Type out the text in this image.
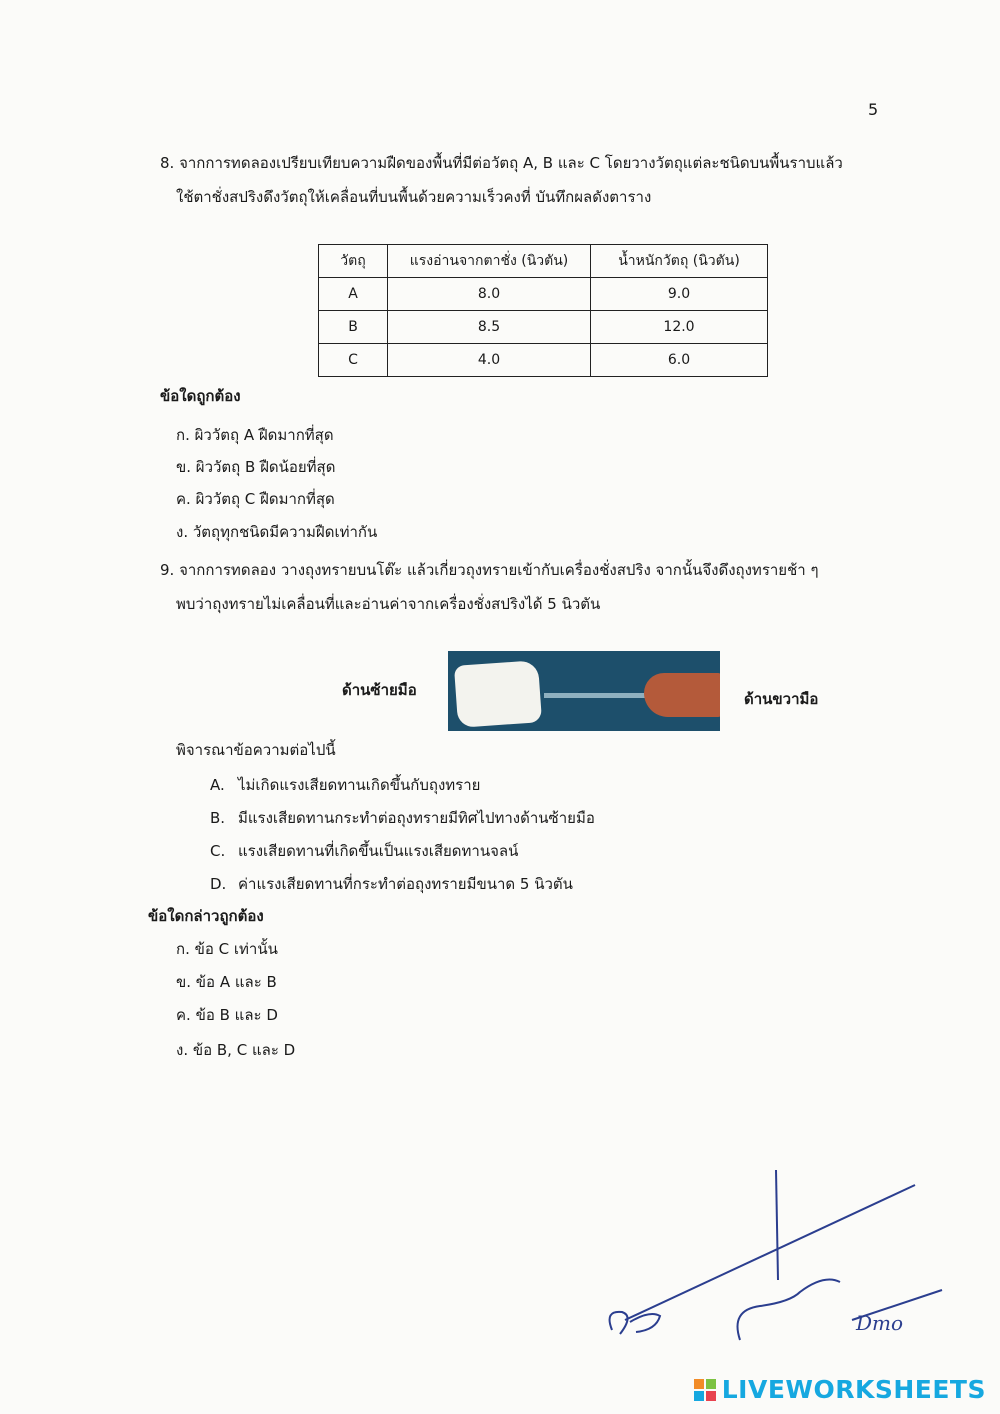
5
8. จากการทดลองเปรียบเทียบความฝืดของพื้นที่มีต่อวัตถุ A, B และ C โดยวางวัตถุแต่ละชนิดบนพื้นราบแล้ว
ใช้ตาชั่งสปริงดึงวัตถุให้เคลื่อนที่บนพื้นด้วยความเร็วคงที่ บันทึกผลดังตาราง
วัตถุ	แรงอ่านจากตาชั่ง (นิวตัน)	น้ำหนักวัตถุ (นิวตัน)
A	8.0	9.0
B	8.5	12.0
C	4.0	6.0
ข้อใดถูกต้อง
ก. ผิววัตถุ A ฝืดมากที่สุด
ข. ผิววัตถุ B ฝืดน้อยที่สุด
ค. ผิววัตถุ C ฝืดมากที่สุด
ง. วัตถุทุกชนิดมีความฝืดเท่ากัน
9. จากการทดลอง วางถุงทรายบนโต๊ะ แล้วเกี่ยวถุงทรายเข้ากับเครื่องชั่งสปริง จากนั้นจึงดึงถุงทรายช้า ๆ
พบว่าถุงทรายไม่เคลื่อนที่และอ่านค่าจากเครื่องชั่งสปริงได้ 5 นิวตัน
ด้านซ้ายมือ	ด้านขวามือ
พิจารณาข้อความต่อไปนี้
A. ไม่เกิดแรงเสียดทานเกิดขึ้นกับถุงทราย
B. มีแรงเสียดทานกระทำต่อถุงทรายมีทิศไปทางด้านซ้ายมือ
C. แรงเสียดทานที่เกิดขึ้นเป็นแรงเสียดทานจลน์
D. ค่าแรงเสียดทานที่กระทำต่อถุงทรายมีขนาด 5 นิวตัน
ข้อใดกล่าวถูกต้อง
ก. ข้อ C เท่านั้น
ข. ข้อ A และ B
ค. ข้อ B และ D
ง. ข้อ B, C และ D
Dmo
LIVEWORKSHEETS
